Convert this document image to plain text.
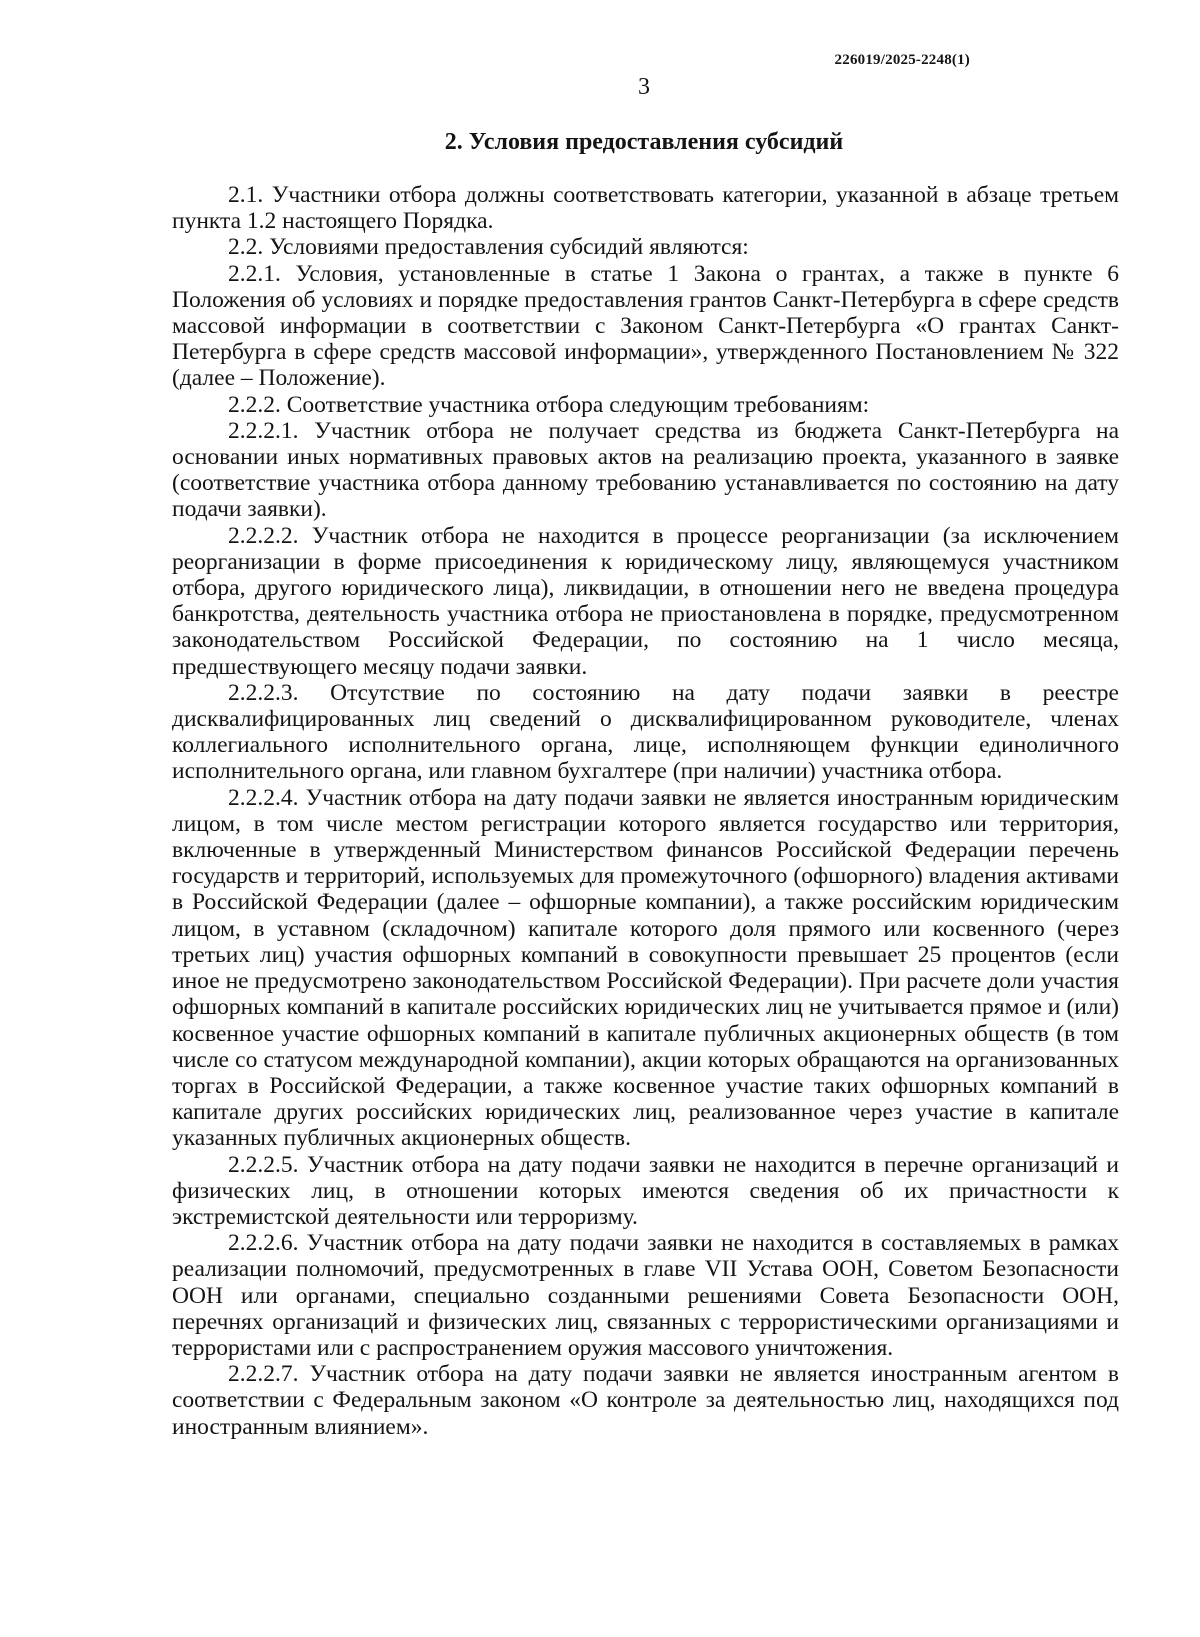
226019/2025-2248(1)
3
2. Условия предоставления субсидий

2.1. Участники отбора должны соответствовать категории, указанной в абзаце третьем пункта 1.2 настоящего Порядка.

2.2. Условиями предоставления субсидий являются:

2.2.1. Условия, установленные в статье 1 Закона о грантах, а также в пункте 6 Положения об условиях и порядке предоставления грантов Санкт-Петербурга в сфере средств массовой информации в соответствии с Законом Санкт-Петербурга «О грантах Санкт-Петербурга в сфере средств массовой информации», утвержденного Постановлением № 322 (далее – Положение).

2.2.2. Соответствие участника отбора следующим требованиям:

2.2.2.1. Участник отбора не получает средства из бюджета Санкт-Петербурга на основании иных нормативных правовых актов на реализацию проекта, указанного в заявке (соответствие участника отбора данному требованию устанавливается по состоянию на дату подачи заявки).

2.2.2.2. Участник отбора не находится в процессе реорганизации (за исключением реорганизации в форме присоединения к юридическому лицу, являющемуся участником отбора, другого юридического лица), ликвидации, в отношении него не введена процедура банкротства, деятельность участника отбора не приостановлена в порядке, предусмотренном законодательством Российской Федерации, по состоянию на 1 число месяца, предшествующего месяцу подачи заявки.

2.2.2.3. Отсутствие по состоянию на дату подачи заявки в реестре дисквалифицированных лиц сведений о дисквалифицированном руководителе, членах коллегиального исполнительного органа, лице, исполняющем функции единоличного исполнительного органа, или главном бухгалтере (при наличии) участника отбора.

2.2.2.4. Участник отбора на дату подачи заявки не является иностранным юридическим лицом, в том числе местом регистрации которого является государство или территория, включенные в утвержденный Министерством финансов Российской Федерации перечень государств и территорий, используемых для промежуточного (офшорного) владения активами в Российской Федерации (далее – офшорные компании), а также российским юридическим лицом, в уставном (складочном) капитале которого доля прямого или косвенного (через третьих лиц) участия офшорных компаний в совокупности превышает 25 процентов (если иное не предусмотрено законодательством Российской Федерации). При расчете доли участия офшорных компаний в капитале российских юридических лиц не учитывается прямое и (или) косвенное участие офшорных компаний в капитале публичных акционерных обществ (в том числе со статусом международной компании), акции которых обращаются на организованных торгах в Российской Федерации, а также косвенное участие таких офшорных компаний в капитале других российских юридических лиц, реализованное через участие в капитале указанных публичных акционерных обществ.

2.2.2.5. Участник отбора на дату подачи заявки не находится в перечне организаций и физических лиц, в отношении которых имеются сведения об их причастности к экстремистской деятельности или терроризму.

2.2.2.6. Участник отбора на дату подачи заявки не находится в составляемых в рамках реализации полномочий, предусмотренных в главе VII Устава ООН, Советом Безопасности ООН или органами, специально созданными решениями Совета Безопасности ООН, перечнях организаций и физических лиц, связанных с террористическими организациями и террористами или с распространением оружия массового уничтожения.

2.2.2.7. Участник отбора на дату подачи заявки не является иностранным агентом в соответствии с Федеральным законом «О контроле за деятельностью лиц, находящихся под иностранным влиянием».
